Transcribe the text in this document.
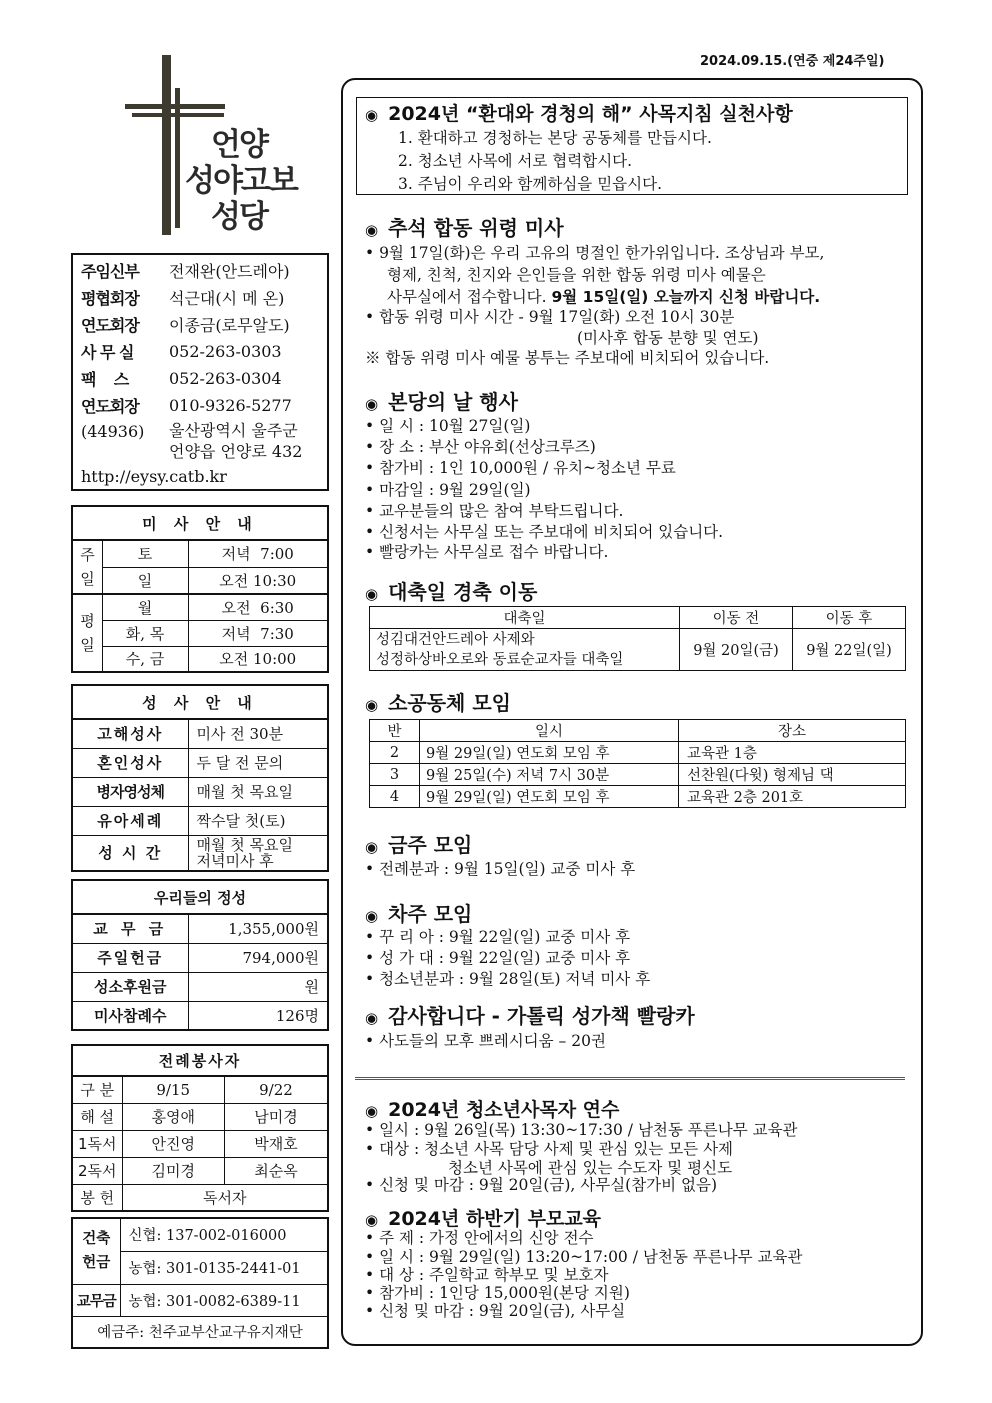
2024.09.15.(연중 제24주일)
언양
성야고보
성당
주임신부	전재완(안드레아)
평협회장	석근대(시 메 온)
연도회장	이종금(로무알도)
사 무 실	052-263-0303
팩    스	052-263-0304
연도회장	010-9326-5277
(44936)	울산광역시 울주군
언양읍 언양로 432
http://eysy.catb.kr
미 사 안 내		
주일	토	저녁  7:00
	일	오전 10:30
평일	월	오전  6:30
	화, 목	저녁  7:30
	수, 금	오전 10:00
성 사 안 내	
고해성사	미사 전 30분
혼인성사	두 달 전 문의
병자영성체	매월 첫 목요일
유아세례	짝수달 첫(토)
성 시 간	매월 첫 목요일
저녁미사 후
우리들의 정성	
교 무 금	1,355,000원
주일헌금	794,000원
성소후원금	원
미사참례수	126명
전례봉사자		
구 분	9/15	9/22
해 설	홍영애	남미경
1독서	안진영	박재호
2독서	김미경	최순옥
봉 헌	독서자	
건축헌금	신협: 137-002-016000
	농협: 301-0135-2441-01
교무금	농협: 301-0082-6389-11
예금주: 천주교부산교구유지재단	
◉ 2024년 “환대와 경청의 해” 사목지침 실천사항
1. 환대하고 경청하는 본당 공동체를 만듭시다.
2. 청소년 사목에 서로 협력합시다.
3. 주님이 우리와 함께하심을 믿읍시다.
◉ 추석 합동 위령 미사
• 9월 17일(화)은 우리 고유의 명절인 한가위입니다. 조상님과 부모,
형제, 친척, 친지와 은인들을 위한 합동 위령 미사 예물은
사무실에서 접수합니다. 9월 15일(일) 오늘까지 신청 바랍니다.
• 합동 위령 미사 시간 - 9월 17일(화) 오전 10시 30분
(미사후 합동 분향 및 연도)
※ 합동 위령 미사 예물 봉투는 주보대에 비치되어 있습니다.
◉ 본당의 날 행사
• 일 시 : 10월 27일(일)
• 장 소 : 부산 야유회(선상크루즈)
• 참가비 : 1인 10,000원 / 유치~청소년 무료
• 마감일 : 9월 29일(일)
• 교우분들의 많은 참여 부탁드립니다.
• 신청서는 사무실 또는 주보대에 비치되어 있습니다.
• 빨랑카는 사무실로 접수 바랍니다.
◉ 대축일 경축 이동
대축일	이동 전	이동 후
성김대건안드레아 사제와
성정하상바오로와 동료순교자들 대축일	9월 20일(금)	9월 22일(일)
◉ 소공동체 모임
반	일시	장소
2	9월 29일(일) 연도회 모임 후	교육관 1층
3	9월 25일(수) 저녁 7시 30분	선찬원(다윗) 형제님 댁
4	9월 29일(일) 연도회 모임 후	교육관 2층 201호
◉ 금주 모임
• 전례분과 : 9월 15일(일) 교중 미사 후
◉ 차주 모임
• 꾸 리 아 : 9월 22일(일) 교중 미사 후
• 성 가 대 : 9월 22일(일) 교중 미사 후
• 청소년분과 : 9월 28일(토) 저녁 미사 후
◉ 감사합니다 - 가톨릭 성가책 빨랑카
• 사도들의 모후 쁘레시디움 – 20권
◉ 2024년 청소년사목자 연수
• 일시 : 9월 26일(목) 13:30~17:30 / 남천동 푸른나무 교육관
• 대상 : 청소년 사목 담당 사제 및 관심 있는 모든 사제
청소년 사목에 관심 있는 수도자 및 평신도
• 신청 및 마감 : 9월 20일(금), 사무실(참가비 없음)
◉ 2024년 하반기 부모교육
• 주 제 : 가정 안에서의 신앙 전수
• 일 시 : 9월 29일(일) 13:20~17:00 / 남천동 푸른나무 교육관
• 대 상 : 주일학교 학부모 및 보호자
• 참가비 : 1인당 15,000원(본당 지원)
• 신청 및 마감 : 9월 20일(금), 사무실
